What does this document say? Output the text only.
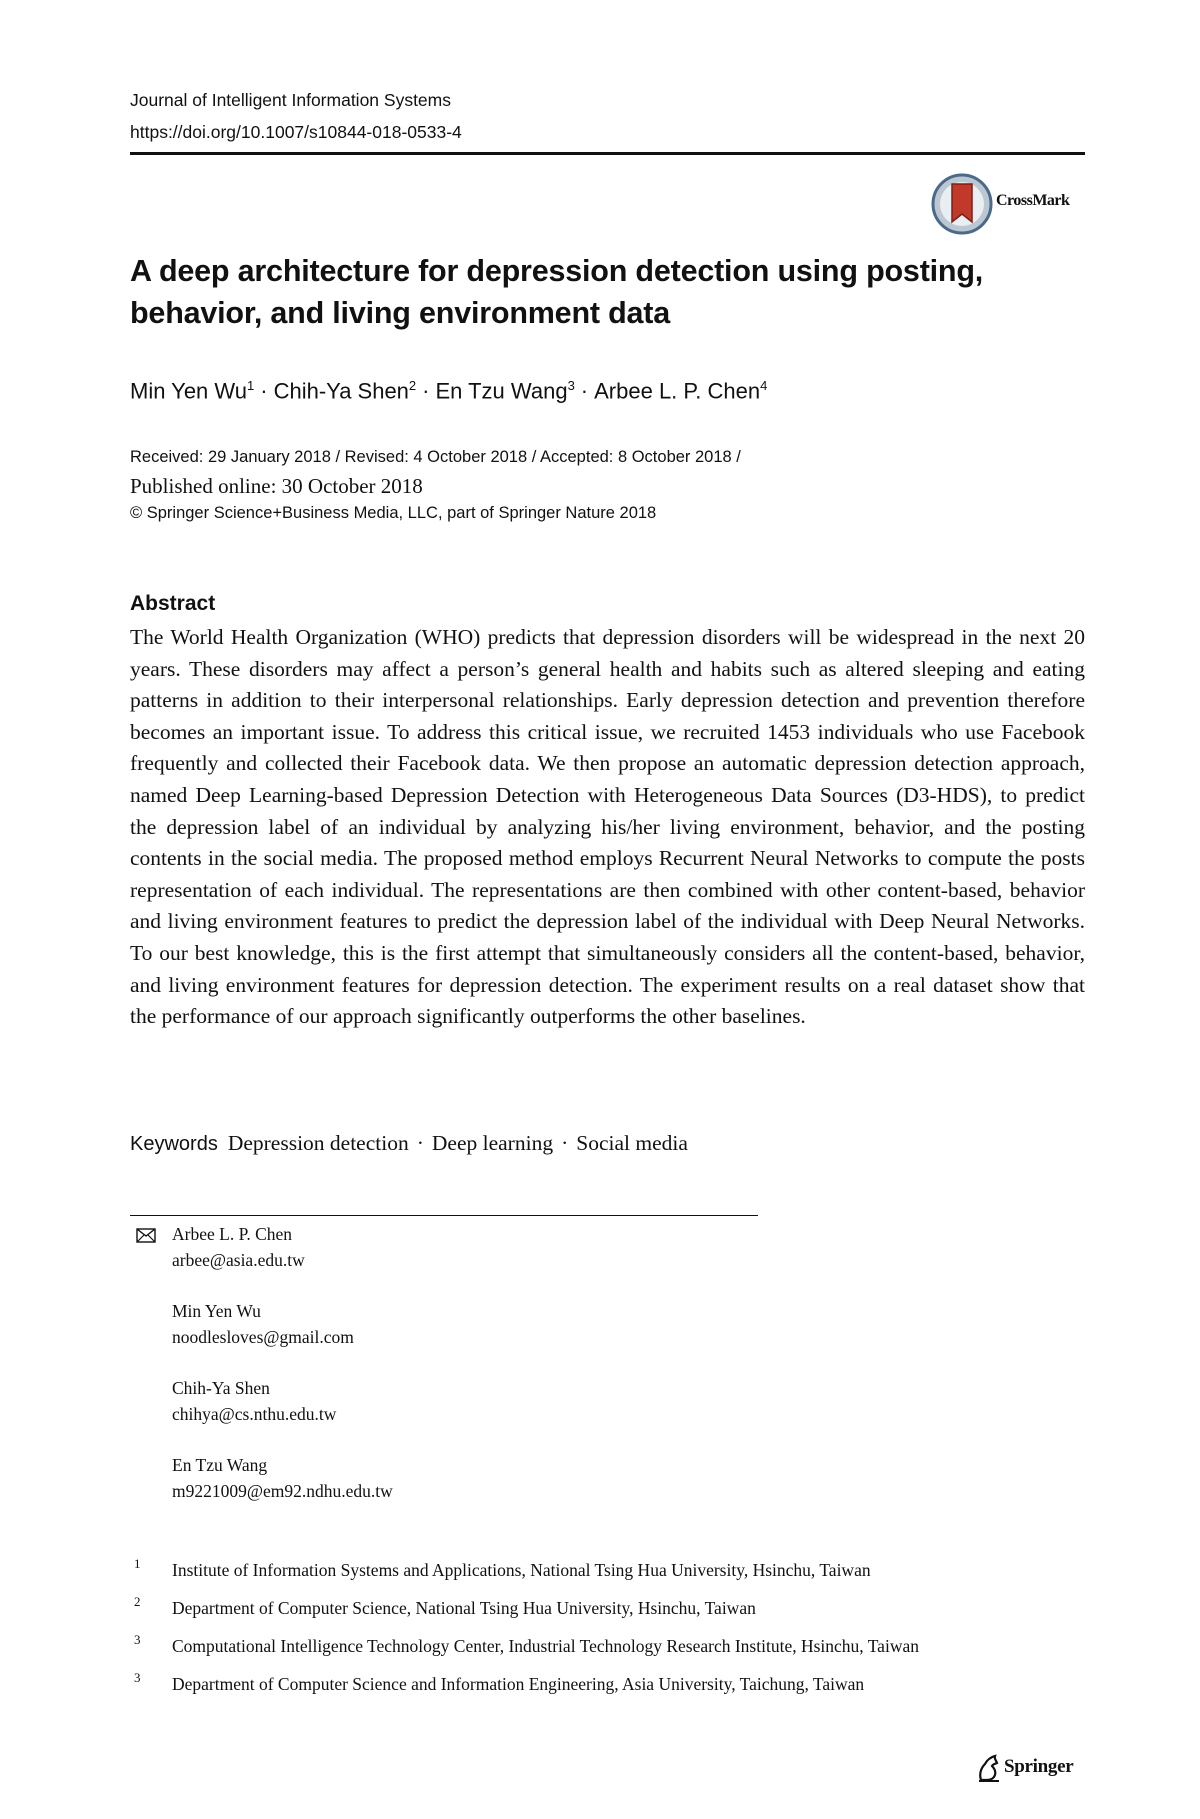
Journal of Intelligent Information Systems
https://doi.org/10.1007/s10844-018-0533-4
CrossMark
A deep architecture for depression detection using posting, behavior, and living environment data
Min Yen $Wu^1$ · Chih-Ya Shen$^2$ · En Tzu Wang$^3$ · Arbee L. P. Chen$^4$
Received: 29 January 2018 / Revised: 4 October 2018 / Accepted: 8 October 2018 /
Published online: 30 October 2018
© Springer Science+Business Media, LLC, part of Springer Nature 2018
Abstract
The World Health Organization (WHO) predicts that depression disorders will be widespread in the next 20 years. These disorders may affect a person’s general health and habits such as altered sleeping and eating patterns in addition to their interpersonal relationships. Early depression detection and prevention therefore becomes an important issue. To address this critical issue, we recruited 1453 individuals who use Facebook frequently and collected their Facebook data. We then propose an automatic depression detection approach, named Deep Learning-based Depression Detection with Heterogeneous Data Sources (D3-HDS), to predict the depression label of an individual by analyzing his/her living environment, behavior, and the posting contents in the social media. The proposed method employs Recurrent Neural Networks to compute the posts representation of each individual. The representations are then combined with other content-based, behavior and living environment features to predict the depression label of the individual with Deep Neural Networks. To our best knowledge, this is the first attempt that simultaneously considers all the content-based, behavior, and living environment features for depression detection. The experiment results on a real dataset show that the performance of our approach significantly outperforms the other baselines.
Keywords Depression detection · Deep learning · Social media
Arbee L. P. Chen
arbee@asia.edu.tw
Min Yen Wu
noodlesloves@gmail.com
Chih-Ya Shen
chihya@cs.nthu.edu.tw
En Tzu Wang
m9221009@em92.ndhu.edu.tw
1 Institute of Information Systems and Applications, National Tsing Hua University, Hsinchu, Taiwan
2 Department of Computer Science, National Tsing Hua University, Hsinchu, Taiwan
3 Computational Intelligence Technology Center, Industrial Technology Research Institute, Hsinchu, Taiwan
3 Department of Computer Science and Information Engineering, Asia University, Taichung, Taiwan
Springer
